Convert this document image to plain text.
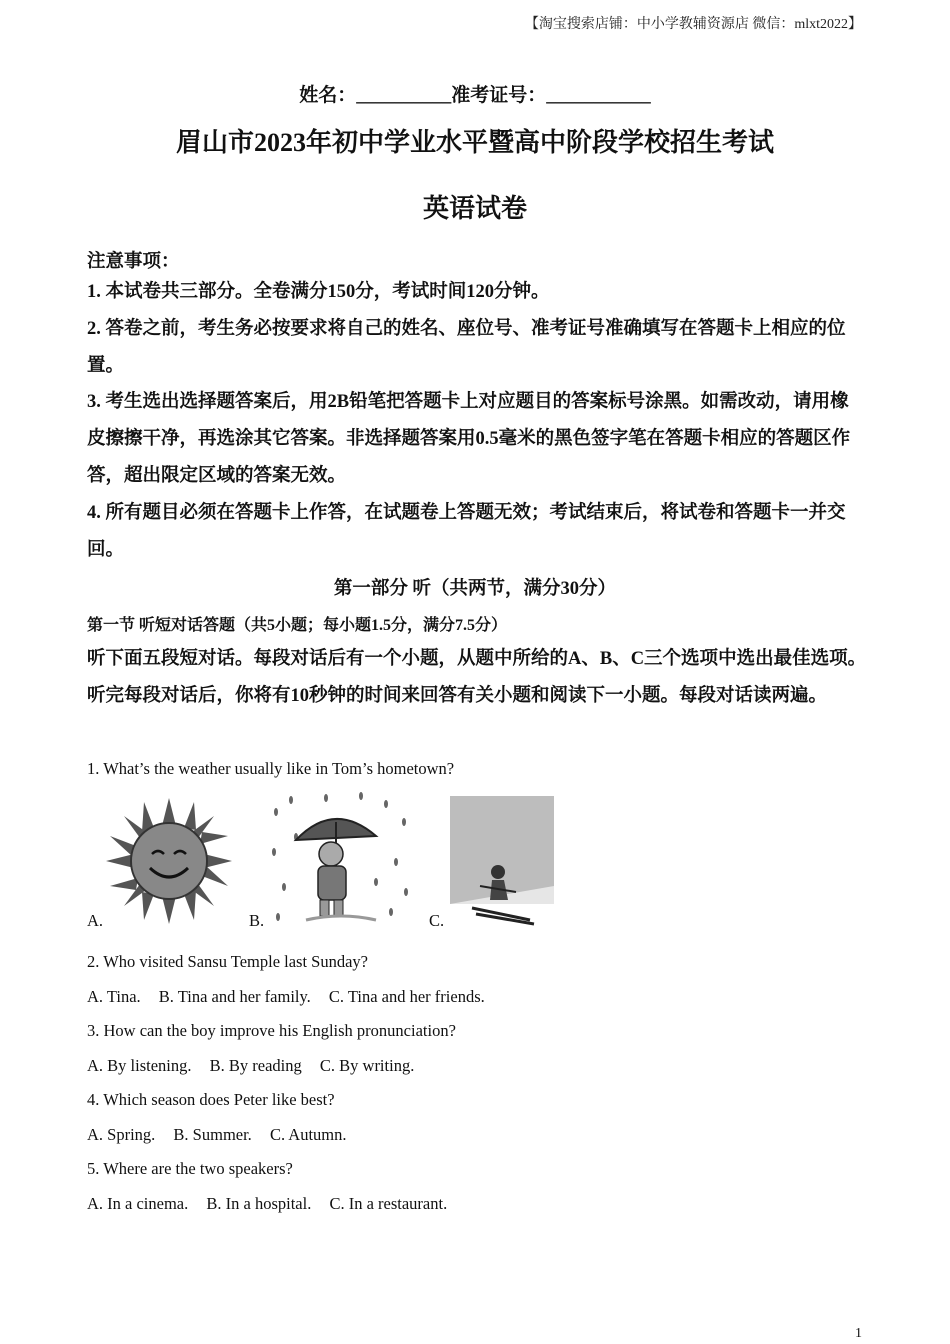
【淘宝搜索店铺：中小学教辅资源店 微信：mlxt2022】
姓名：__________准考证号：___________
眉山市2023年初中学业水平暨高中阶段学校招生考试
英语试卷
注意事项：
1. 本试卷共三部分。全卷满分150分，考试时间120分钟。
2. 答卷之前，考生务必按要求将自己的姓名、座位号、准考证号准确填写在答题卡上相应的位置。
3. 考生选出选择题答案后，用2B铅笔把答题卡上对应题目的答案标号涂黑。如需改动，请用橡皮擦擦干净，再选涂其它答案。非选择题答案用0.5毫米的黑色签字笔在答题卡相应的答题区作答，超出限定区域的答案无效。
4. 所有题目必须在答题卡上作答，在试题卷上答题无效；考试结束后，将试卷和答题卡一并交回。
第一部分 听（共两节，满分30分）
第一节 听短对话答题（共5小题；每小题1.5分，满分7.5分）
听下面五段短对话。每段对话后有一个小题，从题中所给的A、B、C三个选项中选出最佳选项。听完每段对话后，你将有10秒钟的时间来回答有关小题和阅读下一小题。每段对话读两遍。
1. What’s the weather usually like in Tom’s hometown?
A.	B.	C.
2. Who visited Sansu Temple last Sunday?
A. Tina. B. Tina and her family. C. Tina and her friends.
3. How can the boy improve his English pronunciation?
A. By listening. B. By reading C. By writing.
4. Which season does Peter like best?
A. Spring. B. Summer. C. Autumn.
5. Where are the two speakers?
A. In a cinema. B. In a hospital. C. In a restaurant.
1
